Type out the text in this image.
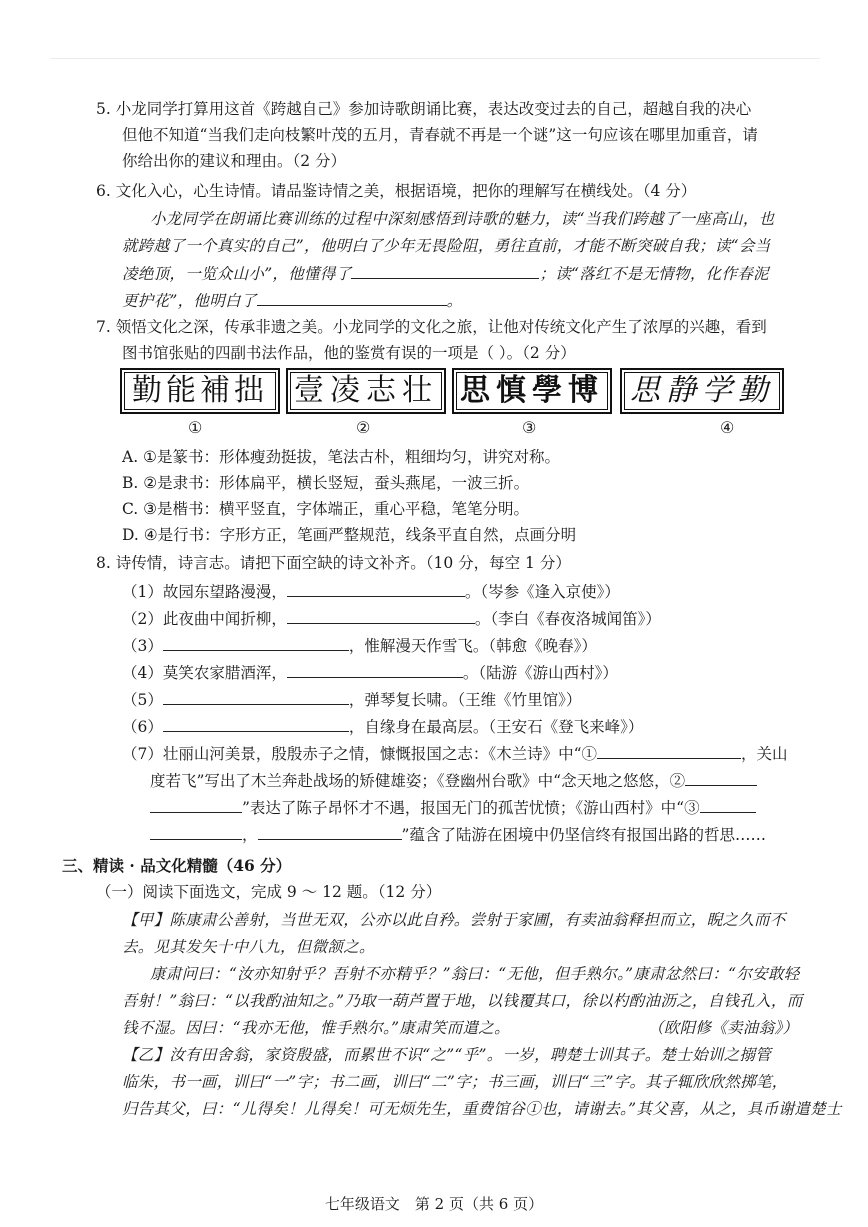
5. 小龙同学打算用这首《跨越自己》参加诗歌朗诵比赛，表达改变过去的自己，超越自我的决心
但他不知道“当我们走向枝繁叶茂的五月，青春就不再是一个谜”这一句应该在哪里加重音，请
你给出你的建议和理由。（2 分）
6. 文化入心，心生诗情。请品鉴诗情之美，根据语境，把你的理解写在横线处。（4 分）
小龙同学在朗诵比赛训练的过程中深刻感悟到诗歌的魅力，读“当我们跨越了一座高山，也
就跨越了一个真实的自己”，他明白了少年无畏险阻，勇往直前，才能不断突破自我；读“会当
凌绝顶，一览众山小”，他懂得了	；读“落红不是无情物，化作春泥
更护花”，他明白了	。
7. 领悟文化之深，传承非遗之美。小龙同学的文化之旅，让他对传统文化产生了浓厚的兴趣，看到
图书馆张贴的四副书法作品，他的鉴赏有误的一项是（ ）。（2 分）
勤能補拙 壹凌志壮 思慎學博 思静学勤
①	②	③	④
A. ①是篆书：形体瘦劲挺拔，笔法古朴，粗细均匀，讲究对称。
B. ②是隶书：形体扁平，横长竖短，蚕头燕尾，一波三折。
C. ③是楷书：横平竖直，字体端正，重心平稳，笔笔分明。
D. ④是行书：字形方正，笔画严整规范，线条平直自然，点画分明
8. 诗传情，诗言志。请把下面空缺的诗文补齐。（10 分，每空 1 分）
（1）故园东望路漫漫，	。（岑参《逢入京使》）
（2）此夜曲中闻折柳，	。（李白《春夜洛城闻笛》）
（3）	，惟解漫天作雪飞。（韩愈《晚春》）
（4）莫笑农家腊酒浑，	。（陆游《游山西村》）
（5）	，弹琴复长啸。（王维《竹里馆》）
（6）	，自缘身在最高层。（王安石《登飞来峰》）
（7）壮丽山河美景，殷殷赤子之情，慷慨报国之志：《木兰诗》中“①	，关山
度若飞”写出了木兰奔赴战场的矫健雄姿；《登幽州台歌》中“念天地之悠悠，②
”表达了陈子昂怀才不遇，报国无门的孤苦忧愤；《游山西村》中“③
，	”蕴含了陆游在困境中仍坚信终有报国出路的哲思……
三、精读 · 品文化精髓（46 分）
（一）阅读下面选文，完成 9 ～ 12 题。（12 分）
【甲】陈康肃公善射，当世无双，公亦以此自矜。尝射于家圃，有卖油翁释担而立，睨之久而不
去。见其发矢十中八九，但微颔之。
康肃问曰：“汝亦知射乎？吾射不亦精乎？”翁曰：“无他，但手熟尔。”康肃忿然曰：“尔安敢轻
吾射！”翁曰：“以我酌油知之。”乃取一葫芦置于地，以钱覆其口，徐以杓酌油沥之，自钱孔入，而
钱不湿。因曰：“我亦无他，惟手熟尔。”康肃笑而遣之。	（欧阳修《卖油翁》）
【乙】汝有田舍翁，家资殷盛，而累世不识“之”“乎”。一岁，聘楚士训其子。楚士始训之搦管
临朱，书一画，训曰“一”字；书二画，训曰“二”字；书三画，训曰“三”字。其子辄欣欣然掷笔，
归告其父，曰：“儿得矣！儿得矣！可无烦先生，重费馆谷①也，请谢去。”其父喜，从之，具币谢遣楚士
七年级语文　第 2 页（共 6 页）
